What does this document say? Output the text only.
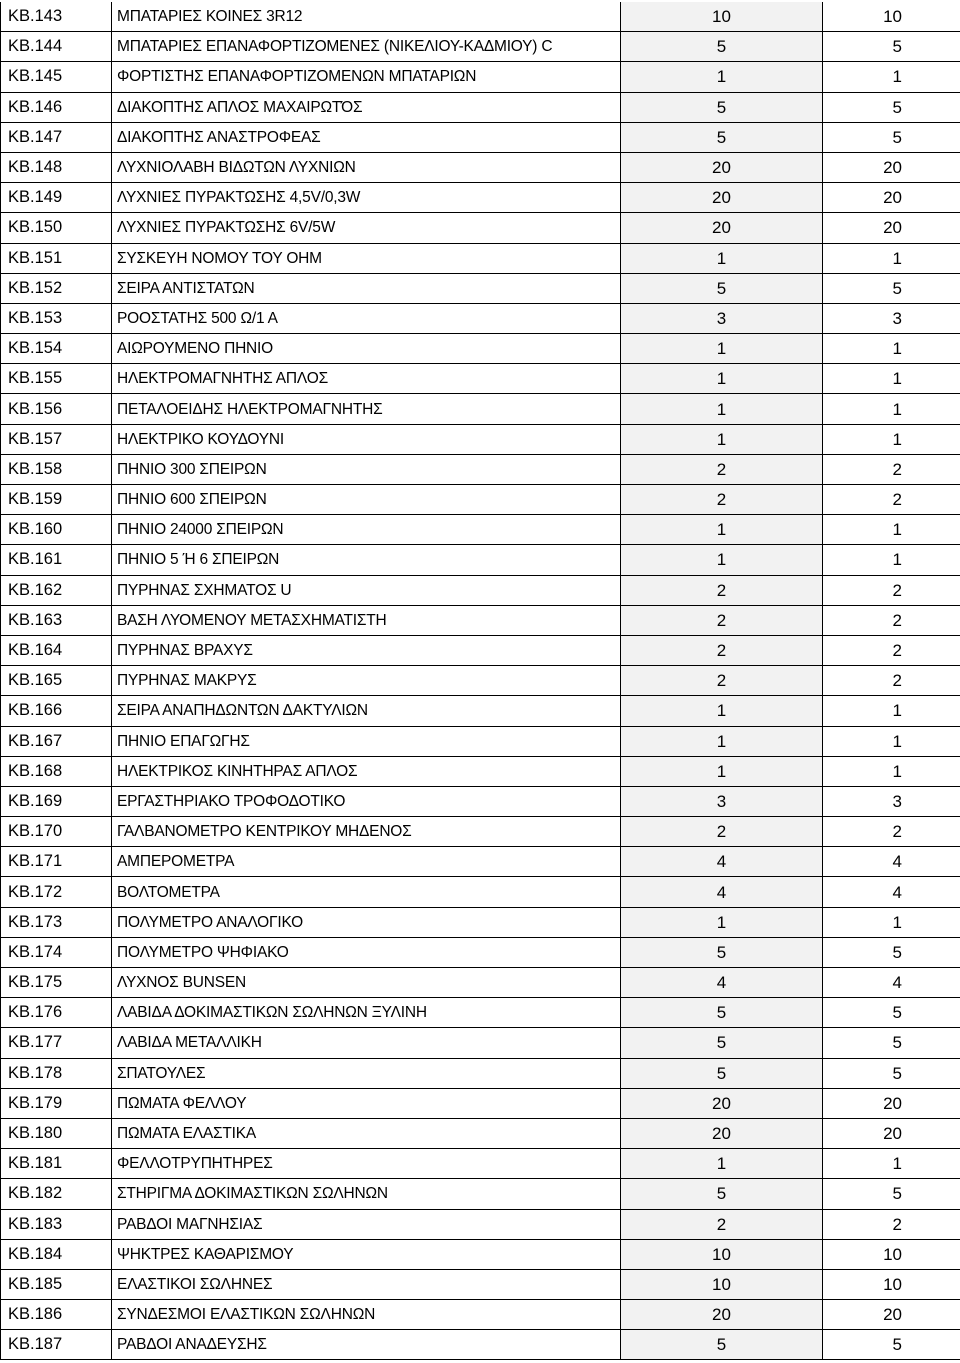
ΚΒ.143	ΜΠΑΤΑΡΙΕΣ ΚΟΙΝΕΣ 3R12	10	10
ΚΒ.144	ΜΠΑΤΑΡΙΕΣ ΕΠΑΝΑΦΟΡΤΙΖΟΜΕΝΕΣ (ΝΙΚΕΛΙΟΥ-ΚΑΔΜΙΟΥ) C	5	5
ΚΒ.145	ΦΟΡΤΙΣΤΗΣ ΕΠΑΝΑΦΟΡΤΙΖΟΜΕΝΩΝ ΜΠΑΤΑΡΙΩΝ	1	1
ΚΒ.146	ΔΙΑΚΟΠΤΗΣ ΑΠΛΟΣ ΜΑΧΑΙΡΩΤΌΣ	5	5
ΚΒ.147	ΔΙΑΚΟΠΤΗΣ ΑΝΑΣΤΡΟΦΕΑΣ	5	5
ΚΒ.148	ΛΥΧΝΙΟΛΑΒΗ ΒΙΔΩΤΩΝ ΛΥΧΝΙΩΝ	20	20
ΚΒ.149	ΛΥΧΝΙΕΣ ΠΥΡΑΚΤΩΣΗΣ 4,5V/0,3W	20	20
ΚΒ.150	ΛΥΧΝΙΕΣ ΠΥΡΑΚΤΩΣΗΣ 6V/5W	20	20
ΚΒ.151	ΣΥΣΚΕΥΗ ΝΟΜΟΥ ΤΟΥ ΟΗΜ	1	1
ΚΒ.152	ΣΕΙΡΑ ΑΝΤΙΣΤΑΤΩΝ	5	5
ΚΒ.153	ΡΟΟΣΤΑΤΗΣ 500 Ω/1 Α	3	3
ΚΒ.154	ΑΙΩΡΟΥΜΕΝΟ ΠΗΝΙΟ	1	1
ΚΒ.155	ΗΛΕΚΤΡΟΜΑΓΝΗΤΗΣ ΑΠΛΟΣ	1	1
ΚΒ.156	ΠΕΤΑΛΟΕΙΔΗΣ ΗΛΕΚΤΡΟΜΑΓΝΗΤΗΣ	1	1
ΚΒ.157	ΗΛΕΚΤΡΙΚΟ ΚΟΥΔΟΥΝΙ	1	1
ΚΒ.158	ΠΗΝΙΟ 300 ΣΠΕΙΡΩΝ	2	2
ΚΒ.159	ΠΗΝΙΟ 600 ΣΠΕΙΡΩΝ	2	2
ΚΒ.160	ΠΗΝΙΟ 24000 ΣΠΕΙΡΩΝ	1	1
ΚΒ.161	ΠΗΝΙΟ 5 Ή 6 ΣΠΕΙΡΩΝ	1	1
ΚΒ.162	ΠΥΡΗΝΑΣ ΣΧΗΜΑΤΟΣ U	2	2
ΚΒ.163	ΒΑΣΗ ΛΥΟΜΕΝΟΥ ΜΕΤΑΣΧΗΜΑΤΙΣΤΗ	2	2
ΚΒ.164	ΠΥΡΗΝΑΣ ΒΡΑΧΥΣ	2	2
ΚΒ.165	ΠΥΡΗΝΑΣ ΜΑΚΡΥΣ	2	2
ΚΒ.166	ΣΕΙΡΑ ΑΝΑΠΗΔΩΝΤΩΝ ΔΑΚΤΥΛΙΩΝ	1	1
ΚΒ.167	ΠΗΝΙΟ ΕΠΑΓΩΓΗΣ	1	1
ΚΒ.168	ΗΛΕΚΤΡΙΚΟΣ ΚΙΝΗΤΗΡΑΣ ΑΠΛΟΣ	1	1
ΚΒ.169	ΕΡΓΑΣΤΗΡΙΑΚΟ ΤΡΟΦΟΔΟΤΙΚΟ	3	3
ΚΒ.170	ΓΑΛΒΑΝΟΜΕΤΡΟ ΚΕΝΤΡΙΚΟΥ ΜΗΔΕΝΟΣ	2	2
ΚΒ.171	ΑΜΠΕΡΟΜΕΤΡΑ	4	4
ΚΒ.172	ΒΟΛΤΟΜΕΤΡΑ	4	4
ΚΒ.173	ΠΟΛΥΜΕΤΡΟ ΑΝΑΛΟΓΙΚΟ	1	1
ΚΒ.174	ΠΟΛΥΜΕΤΡΟ ΨΗΦΙΑΚΟ	5	5
ΚΒ.175	ΛΥΧΝΟΣ BUNSEN	4	4
ΚΒ.176	ΛΑΒΙΔΑ ΔΟΚΙΜΑΣΤΙΚΩΝ ΣΩΛΗΝΩΝ ΞΥΛΙΝΗ	5	5
ΚΒ.177	ΛΑΒΙΔΑ ΜΕΤΑΛΛΙΚΗ	5	5
ΚΒ.178	ΣΠΑΤΟΥΛΕΣ	5	5
ΚΒ.179	ΠΩΜΑΤΑ ΦΕΛΛΟΥ	20	20
ΚΒ.180	ΠΩΜΑΤΑ ΕΛΑΣΤΙΚΑ	20	20
ΚΒ.181	ΦΕΛΛΟΤΡΥΠΗΤΗΡΕΣ	1	1
ΚΒ.182	ΣΤΗΡΙΓΜΑ ΔΟΚΙΜΑΣΤΙΚΩΝ ΣΩΛΗΝΩΝ	5	5
ΚΒ.183	ΡΑΒΔΟΙ ΜΑΓΝΗΣΙΑΣ	2	2
ΚΒ.184	ΨΗΚΤΡΕΣ ΚΑΘΑΡΙΣΜΟΥ	10	10
ΚΒ.185	ΕΛΑΣΤΙΚΟΙ ΣΩΛΗΝΕΣ	10	10
ΚΒ.186	ΣΥΝΔΕΣΜΟΙ ΕΛΑΣΤΙΚΩΝ ΣΩΛΗΝΩΝ	20	20
ΚΒ.187	ΡΑΒΔΟΙ ΑΝΑΔΕΥΣΗΣ	5	5
